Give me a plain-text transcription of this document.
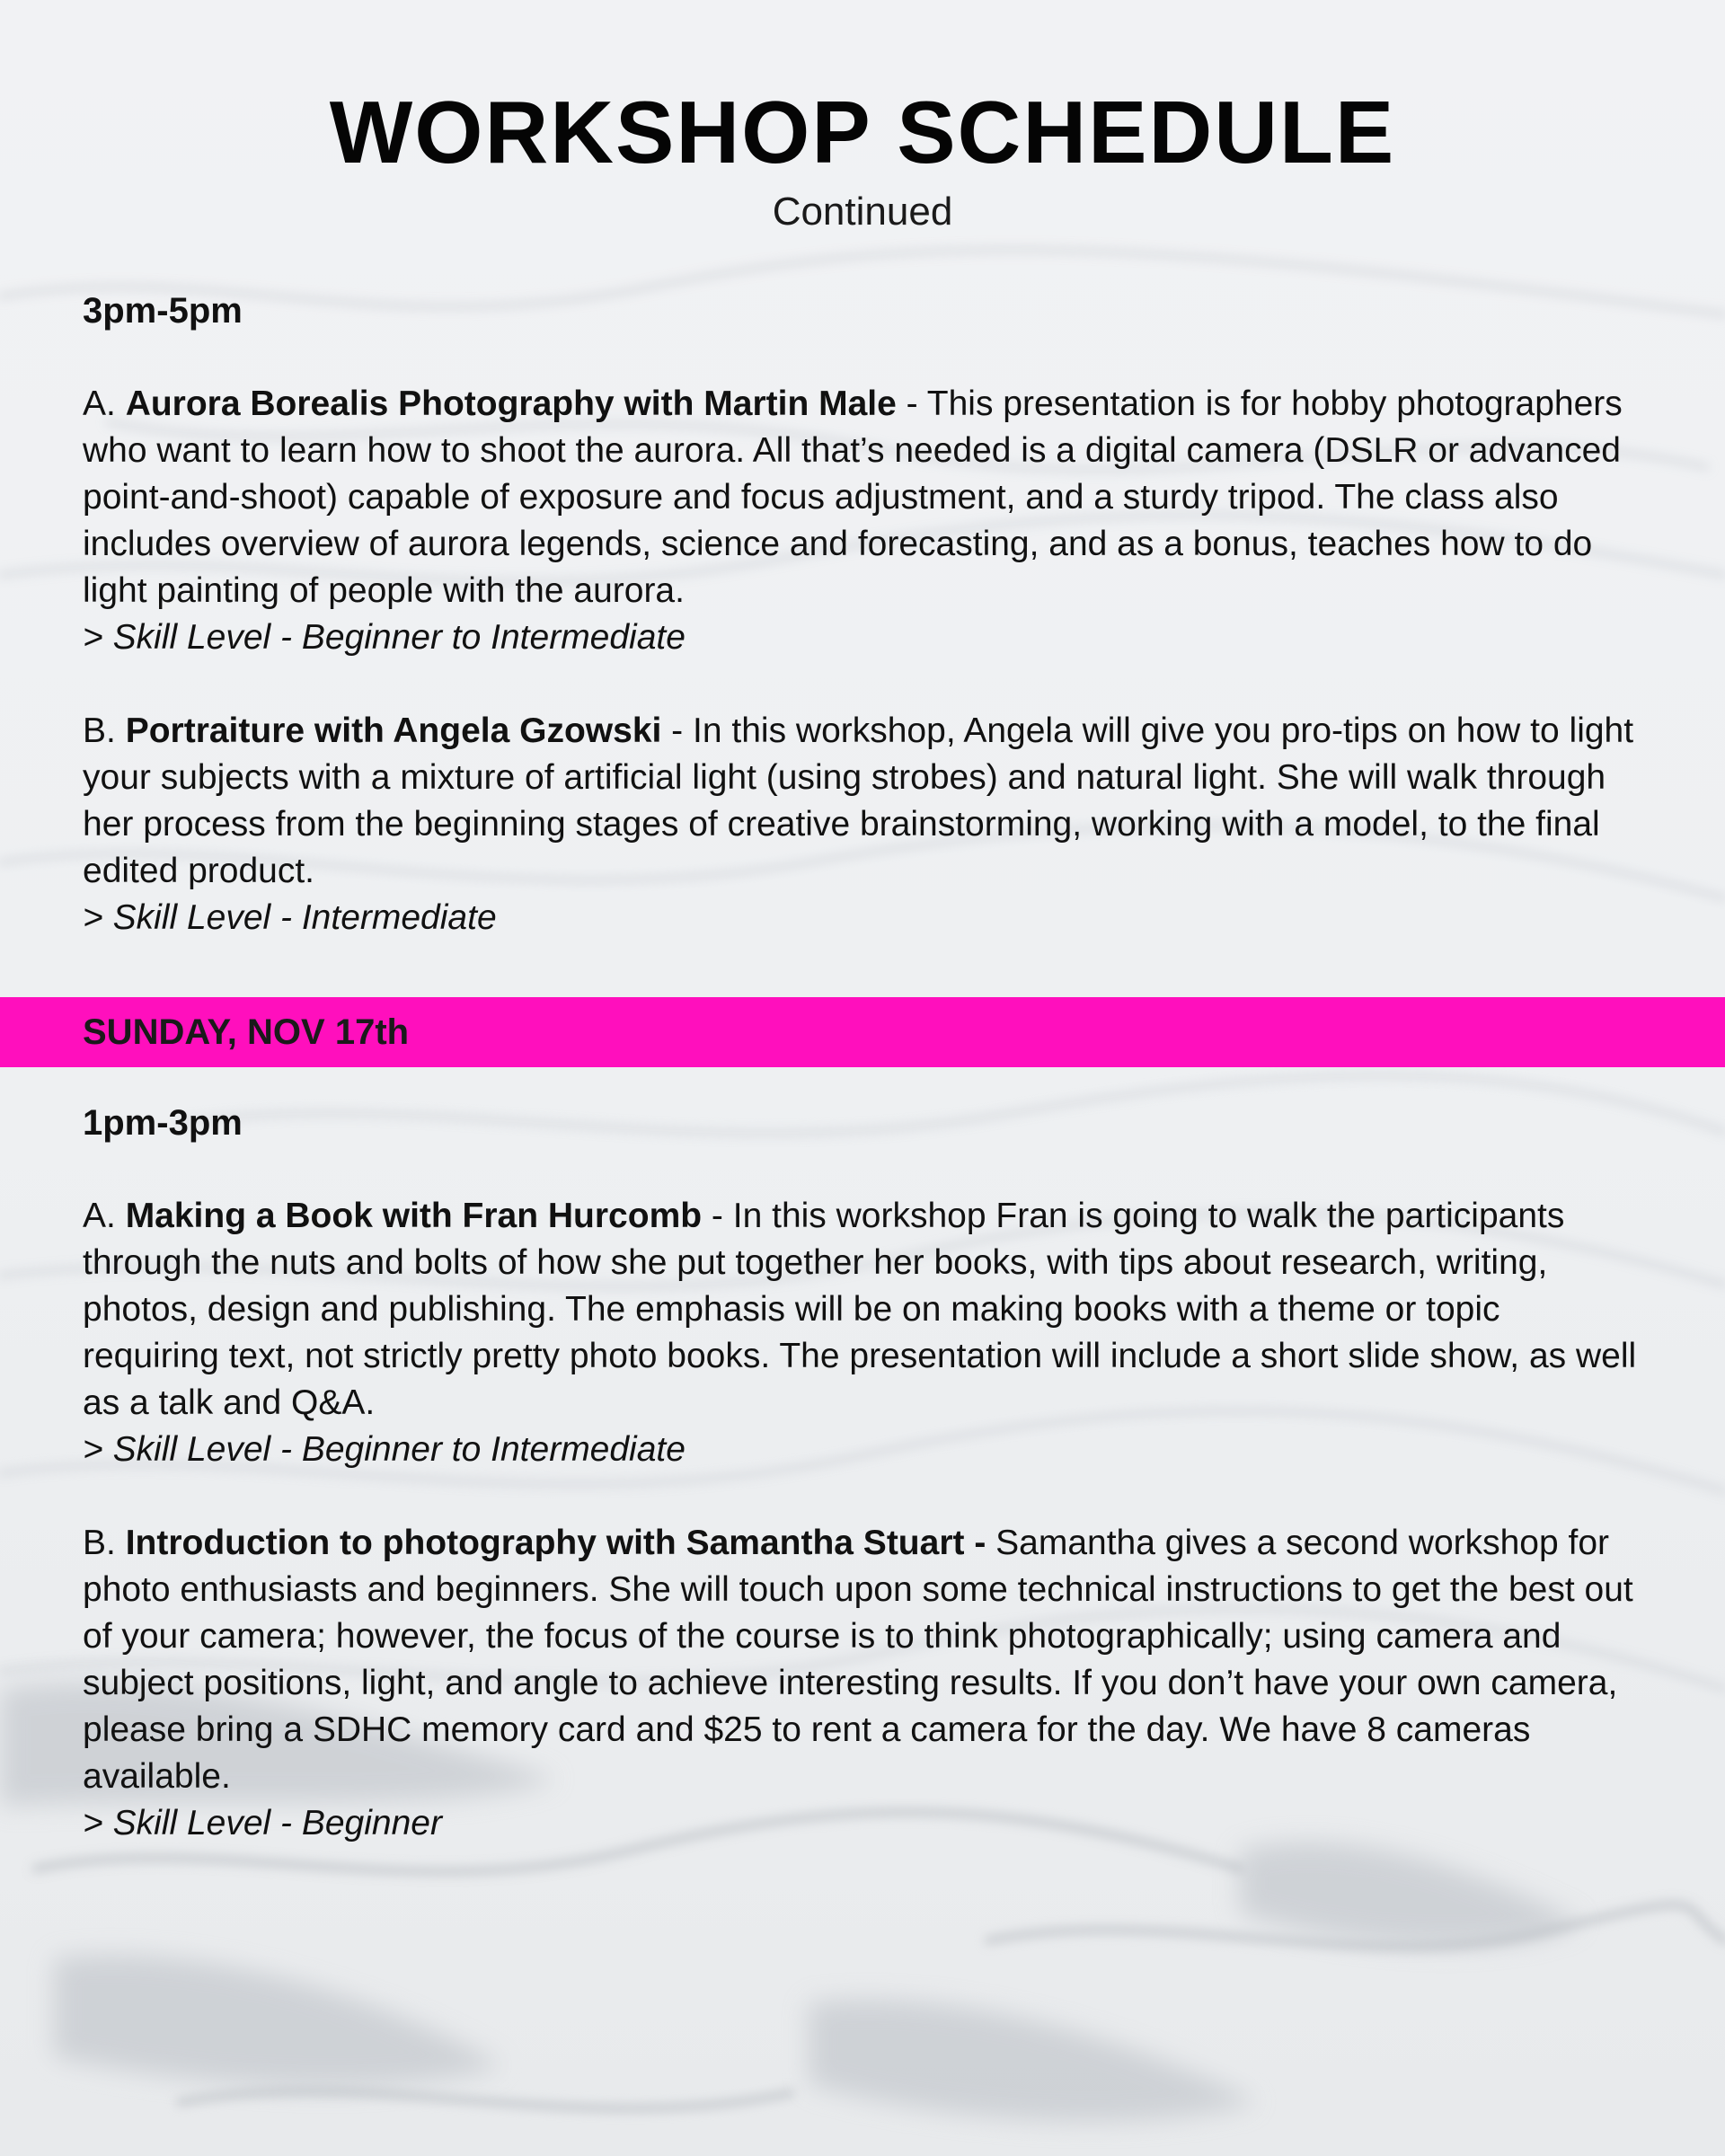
WORKSHOP SCHEDULE
Continued
3pm-5pm

A. Aurora Borealis Photography with Martin Male - This presentation is for hobby photographers who want to learn how to shoot the aurora. All that’s needed is a digital camera (DSLR or advanced point-and-shoot) capable of exposure and focus adjustment, and a sturdy tripod. The class also includes overview of aurora legends, science and forecasting, and as a bonus, teaches how to do light painting of people with the aurora.

> Skill Level - Beginner to Intermediate

B. Portraiture with Angela Gzowski - In this workshop, Angela will give you pro-tips on how to light your subjects with a mixture of artificial light (using strobes) and natural light. She will walk through her process from the beginning stages of creative brainstorming, working with a model, to the final edited product.

> Skill Level - Intermediate

SUNDAY, NOV 17th
1pm-3pm

A. Making a Book with Fran Hurcomb - In this workshop Fran is going to walk the participants through the nuts and bolts of how she put together her books, with tips about research, writing, photos, design and publishing. The emphasis will be on making books with a theme or topic requiring text, not strictly pretty photo books. The presentation will include a short slide show, as well as a talk and Q&A.

> Skill Level - Beginner to Intermediate

B. Introduction to photography with Samantha Stuart - Samantha gives a second workshop for photo enthusiasts and beginners. She will touch upon some technical instructions to get the best out of your camera; however, the focus of the course is to think photographically; using camera and subject positions, light, and angle to achieve interesting results. If you don’t have your own camera, please bring a SDHC memory card and $25 to rent a camera for the day. We have 8 cameras available.

> Skill Level - Beginner
